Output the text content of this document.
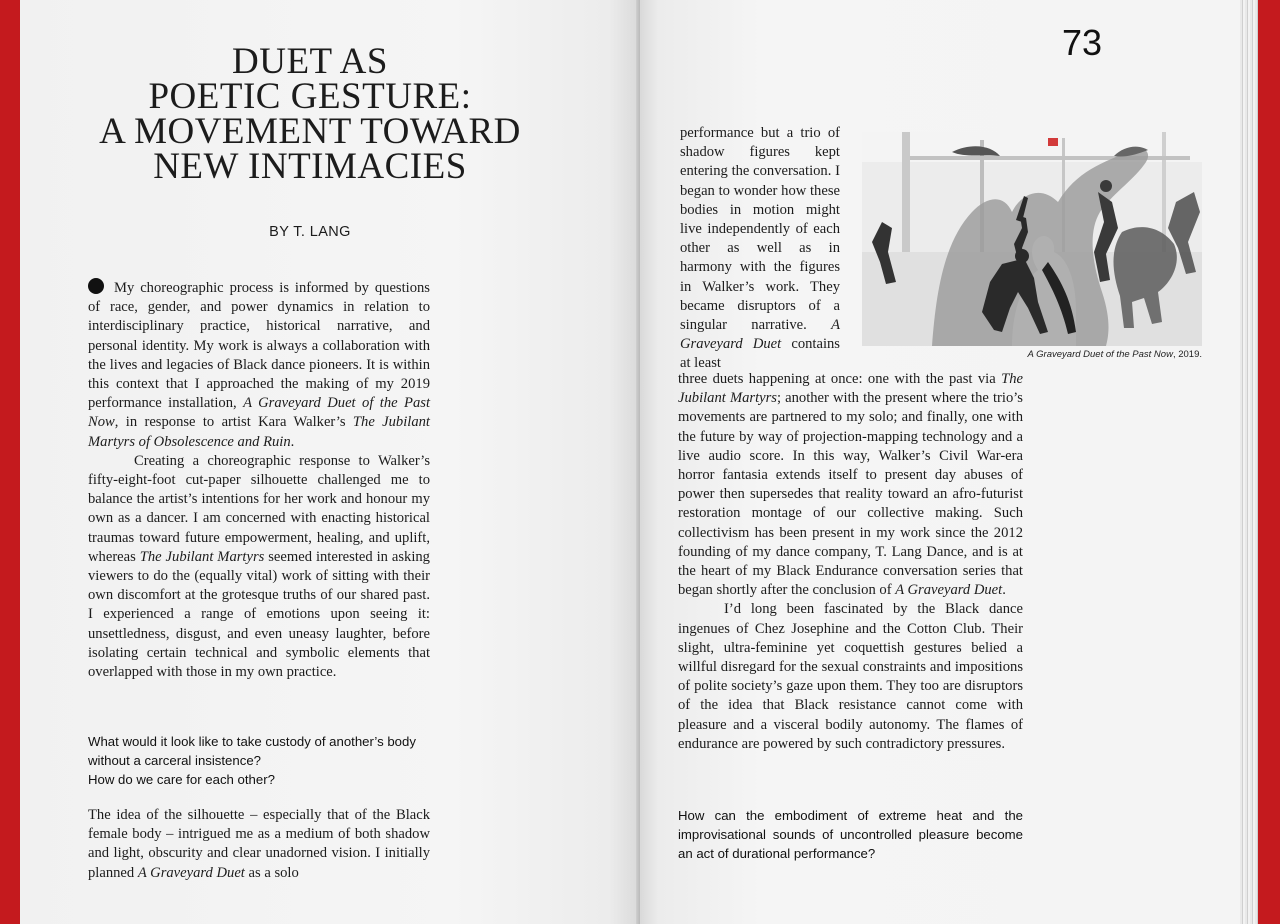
DUET AS
POETIC GESTURE:
A MOVEMENT TOWARD
NEW INTIMACIES
BY T. LANG

My choreographic process is informed by questions of race, gender, and power dynamics in relation to interdisciplinary practice, historical narrative, and personal identity. My work is always a collaboration with the lives and legacies of Black dance pioneers. It is within this context that I approached the making of my 2019 performance installation, A Graveyard Duet of the Past Now, in response to artist Kara Walker’s The Jubilant Martyrs of Obsolescence and Ruin.

Creating a choreographic response to Walker’s fifty-eight-foot cut-paper silhouette challenged me to balance the artist’s intentions for her work and honour my own as a dancer. I am concerned with enacting historical traumas toward future empowerment, healing, and uplift, whereas The Jubilant Martyrs seemed interested in asking viewers to do the (equally vital) work of sitting with their own discomfort at the grotesque truths of our shared past. I experienced a range of emotions upon seeing it: unsettledness, disgust, and even uneasy laughter, before isolating certain technical and symbolic elements that overlapped with those in my own practice.

What would it look like to take custody of another’s body without a carceral insistence?

How do we care for each other?

The idea of the silhouette – especially that of the Black female body – intrigued me as a medium of both shadow and light, obscurity and clear unadorned vision. I initially planned A Graveyard Duet as a solo

73

performance but a trio of shadow figures kept entering the conversation. I began to wonder how these bodies in motion might live independently of each other as well as in harmony with the figures in Walker’s work. They became disruptors of a singular narrative. A Graveyard Duet contains at least

A Graveyard Duet of the Past Now, 2019.

three duets happening at once: one with the past via The Jubilant Martyrs; another with the present where the trio’s movements are partnered to my solo; and finally, one with the future by way of projection-mapping technology and a live audio score. In this way, Walker’s Civil War-era horror fantasia extends itself to present day abuses of power then supersedes that reality toward an afro-futurist restoration montage of our collective making. Such collectivism has been present in my work since the 2012 founding of my dance company, T. Lang Dance, and is at the heart of my Black Endurance conversation series that began shortly after the conclusion of A Graveyard Duet.

I’d long been fascinated by the Black dance ingenues of Chez Josephine and the Cotton Club. Their slight, ultra-feminine yet coquettish gestures belied a willful disregard for the sexual constraints and impositions of polite society’s gaze upon them. They too are disruptors of the idea that Black resistance cannot come with pleasure and a visceral bodily autonomy. The flames of endurance are powered by such contradictory pressures.

How can the embodiment of extreme heat and the improvisational sounds of uncontrolled pleasure become an act of durational performance?
